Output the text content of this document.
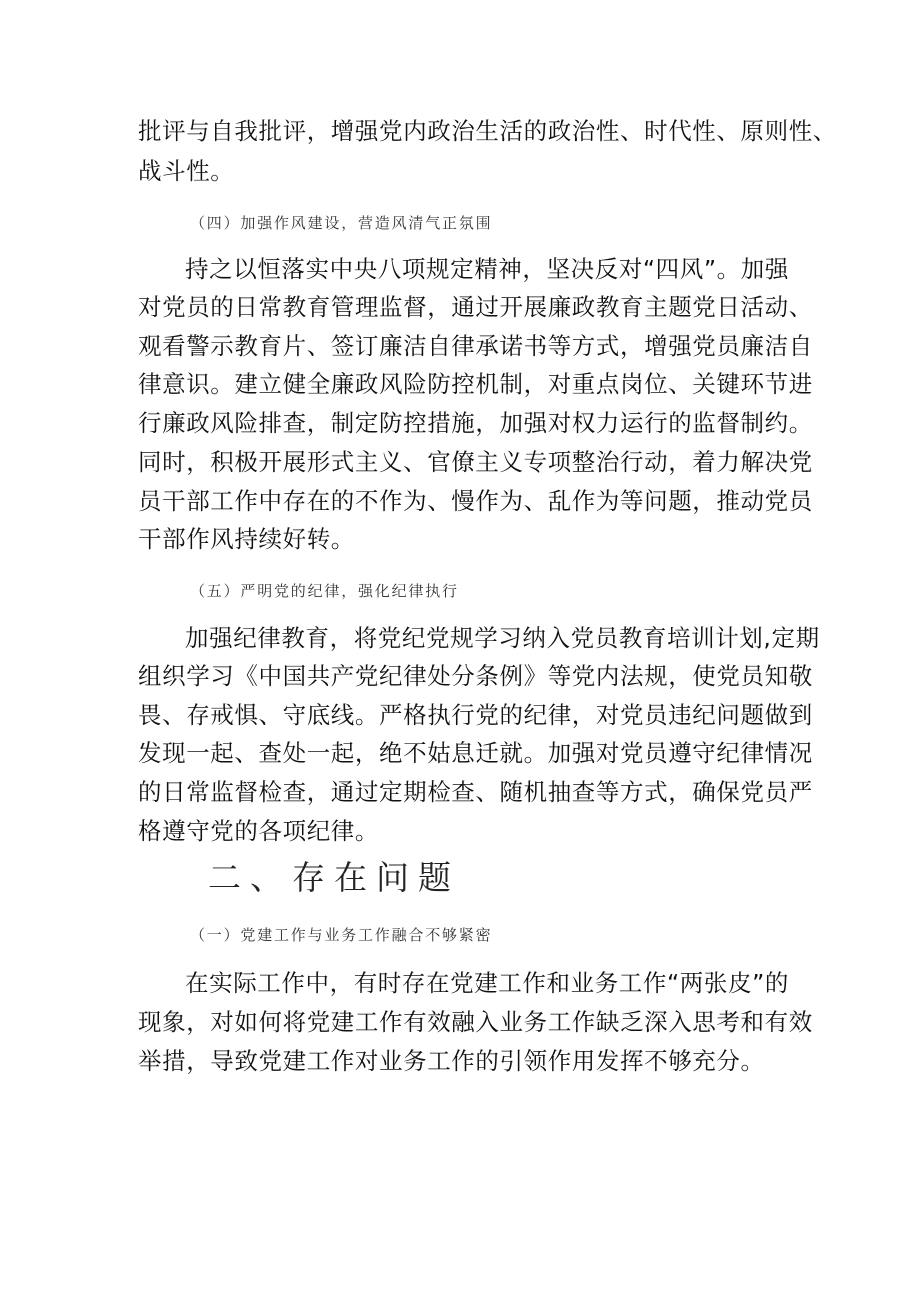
批评与自我批评，增强党内政治生活的政治性、时代性、原则性、
战斗性。
（四）加强作风建设，营造风清气正氛围
持之以恒落实中央八项规定精神，坚决反对“四风”。加强
对党员的日常教育管理监督，通过开展廉政教育主题党日活动、
观看警示教育片、签订廉洁自律承诺书等方式，增强党员廉洁自
律意识。建立健全廉政风险防控机制，对重点岗位、关键环节进
行廉政风险排查，制定防控措施，加强对权力运行的监督制约。
同时，积极开展形式主义、官僚主义专项整治行动，着力解决党
员干部工作中存在的不作为、慢作为、乱作为等问题，推动党员
干部作风持续好转。
（五）严明党的纪律，强化纪律执行
加强纪律教育，将党纪党规学习纳入党员教育培训计划,定期
组织学习《中国共产党纪律处分条例》等党内法规，使党员知敬
畏、存戒惧、守底线。严格执行党的纪律，对党员违纪问题做到
发现一起、查处一起，绝不姑息迁就。加强对党员遵守纪律情况
的日常监督检查，通过定期检查、随机抽查等方式，确保党员严
格遵守党的各项纪律。
二、存在问题
（一）党建工作与业务工作融合不够紧密
在实际工作中，有时存在党建工作和业务工作“两张皮”的
现象，对如何将党建工作有效融入业务工作缺乏深入思考和有效
举措，导致党建工作对业务工作的引领作用发挥不够充分。
